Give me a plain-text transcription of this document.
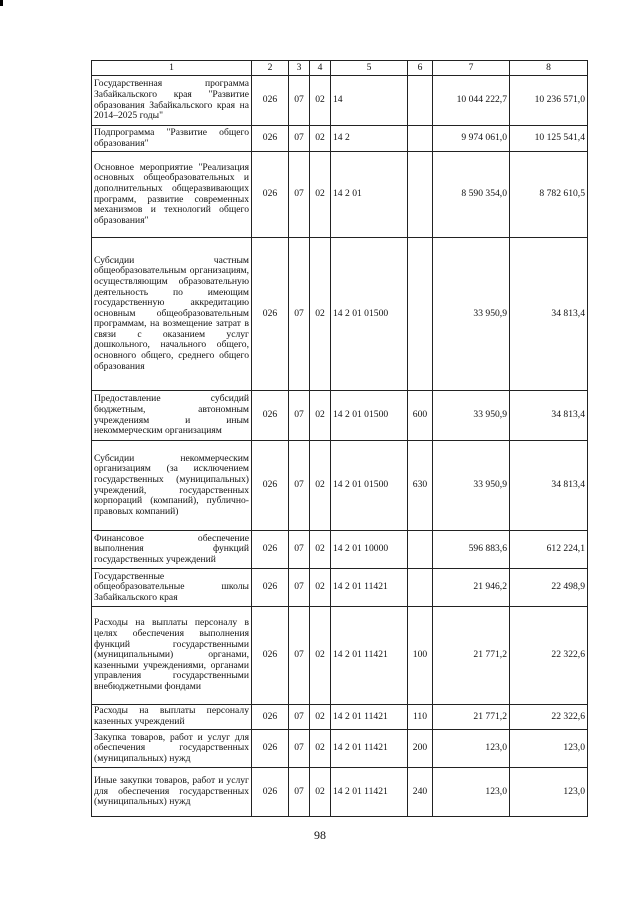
1	2	3	4	5	6	7	8
Государственная программа Забайкальского края "Развитие образования Забайкальского края на 2014–2025 годы"	026	07	02	14		10 044 222,7	10 236 571,0
Подпрограмма "Развитие общего образования"	026	07	02	14 2		9 974 061,0	10 125 541,4
Основное мероприятие "Реализация основных общеобразовательных и дополнительных общеразвивающих программ, развитие современных механизмов и технологий общего образования"	026	07	02	14 2 01		8 590 354,0	8 782 610,5
Субсидии частным общеобразовательным организациям, осуществляющим образовательную деятельность по имеющим государственную аккредитацию основным общеобразовательным программам, на возмещение затрат в связи с оказанием услуг дошкольного, начального общего, основного общего, среднего общего образования	026	07	02	14 2 01 01500		33 950,9	34 813,4
Предоставление субсидий бюджетным, автономным учреждениям и иным некоммерческим организациям	026	07	02	14 2 01 01500	600	33 950,9	34 813,4
Субсидии некоммерческим организациям (за исключением государственных (муниципальных) учреждений, государственных корпораций (компаний), публично-правовых компаний)	026	07	02	14 2 01 01500	630	33 950,9	34 813,4
Финансовое обеспечение выполнения функций государственных учреждений	026	07	02	14 2 01 10000		596 883,6	612 224,1
Государственные общеобразовательные школы Забайкальского края	026	07	02	14 2 01 11421		21 946,2	22 498,9
Расходы на выплаты персоналу в целях обеспечения выполнения функций государственными (муниципальными) органами, казенными учреждениями, органами управления государственными внебюджетными фондами	026	07	02	14 2 01 11421	100	21 771,2	22 322,6
Расходы на выплаты персоналу казенных учреждений	026	07	02	14 2 01 11421	110	21 771,2	22 322,6
Закупка товаров, работ и услуг для обеспечения государственных (муниципальных) нужд	026	07	02	14 2 01 11421	200	123,0	123,0
Иные закупки товаров, работ и услуг для обеспечения государственных (муниципальных) нужд	026	07	02	14 2 01 11421	240	123,0	123,0
98
